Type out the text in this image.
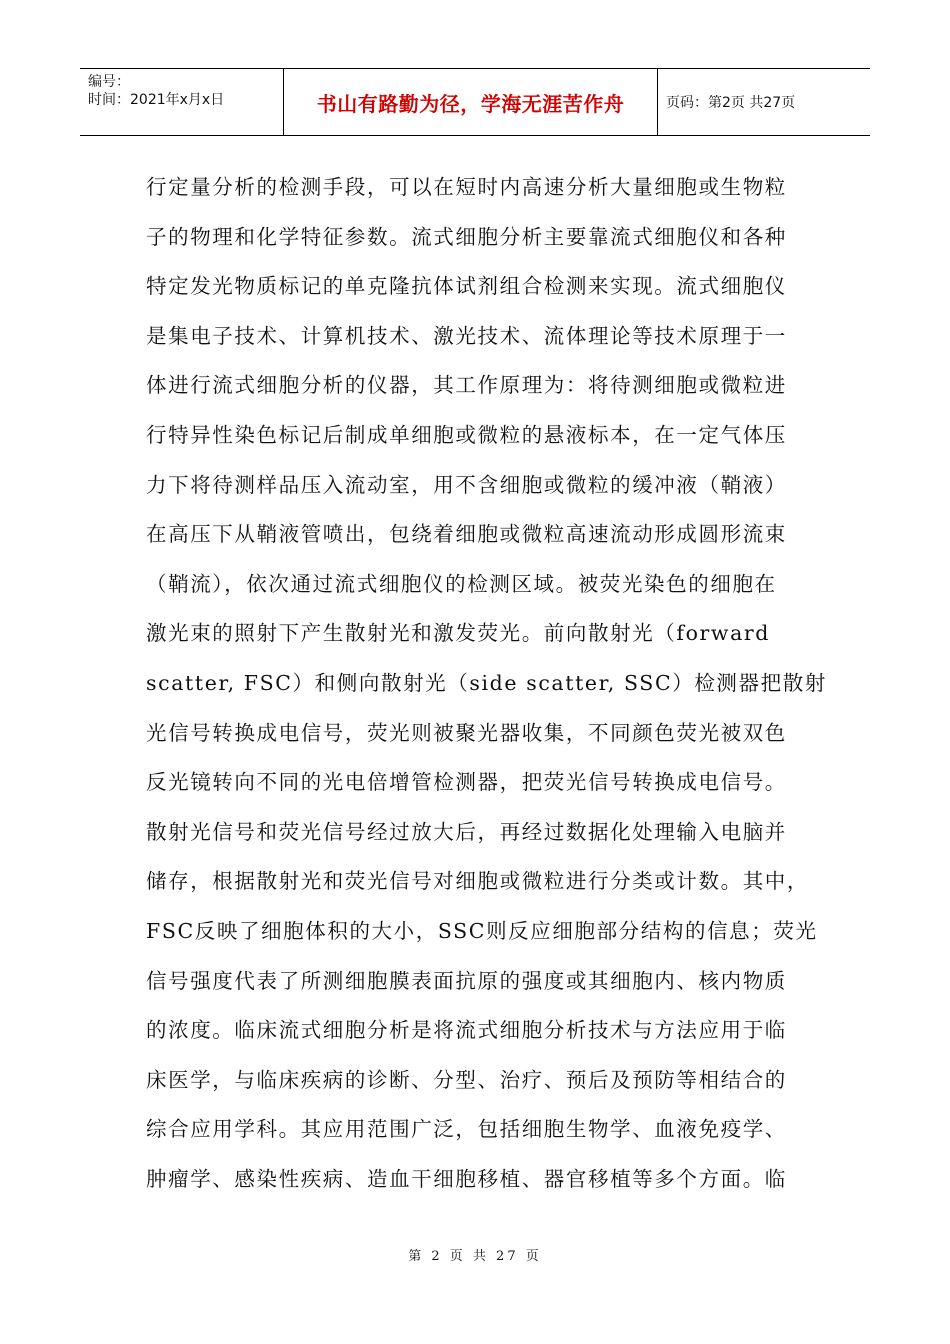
编号：
时间：2021年x月x日	书山有路勤为径，学海无涯苦作舟	页码：第2页 共27页
行定量分析的检测手段，可以在短时内高速分析大量细胞或生物粒
子的物理和化学特征参数。流式细胞分析主要靠流式细胞仪和各种
特定发光物质标记的单克隆抗体试剂组合检测来实现。流式细胞仪
是集电子技术、计算机技术、激光技术、流体理论等技术原理于一
体进行流式细胞分析的仪器，其工作原理为：将待测细胞或微粒进
行特异性染色标记后制成单细胞或微粒的悬液标本，在一定气体压
力下将待测样品压入流动室，用不含细胞或微粒的缓冲液（鞘液）
在高压下从鞘液管喷出，包绕着细胞或微粒高速流动形成圆形流束
（鞘流），依次通过流式细胞仪的检测区域。被荧光染色的细胞在
激光束的照射下产生散射光和激发荧光。前向散射光（forward
scatter, FSC）和侧向散射光（side scatter, SSC）检测器把散射
光信号转换成电信号，荧光则被聚光器收集，不同颜色荧光被双色
反光镜转向不同的光电倍增管检测器，把荧光信号转换成电信号。
散射光信号和荧光信号经过放大后，再经过数据化处理输入电脑并
储存，根据散射光和荧光信号对细胞或微粒进行分类或计数。其中，
FSC反映了细胞体积的大小，SSC则反应细胞部分结构的信息；荧光
信号强度代表了所测细胞膜表面抗原的强度或其细胞内、核内物质
的浓度。临床流式细胞分析是将流式细胞分析技术与方法应用于临
床医学，与临床疾病的诊断、分型、治疗、预后及预防等相结合的
综合应用学科。其应用范围广泛，包括细胞生物学、血液免疫学、
肿瘤学、感染性疾病、造血干细胞移植、器官移植等多个方面。临
第 2 页 共 27 页
